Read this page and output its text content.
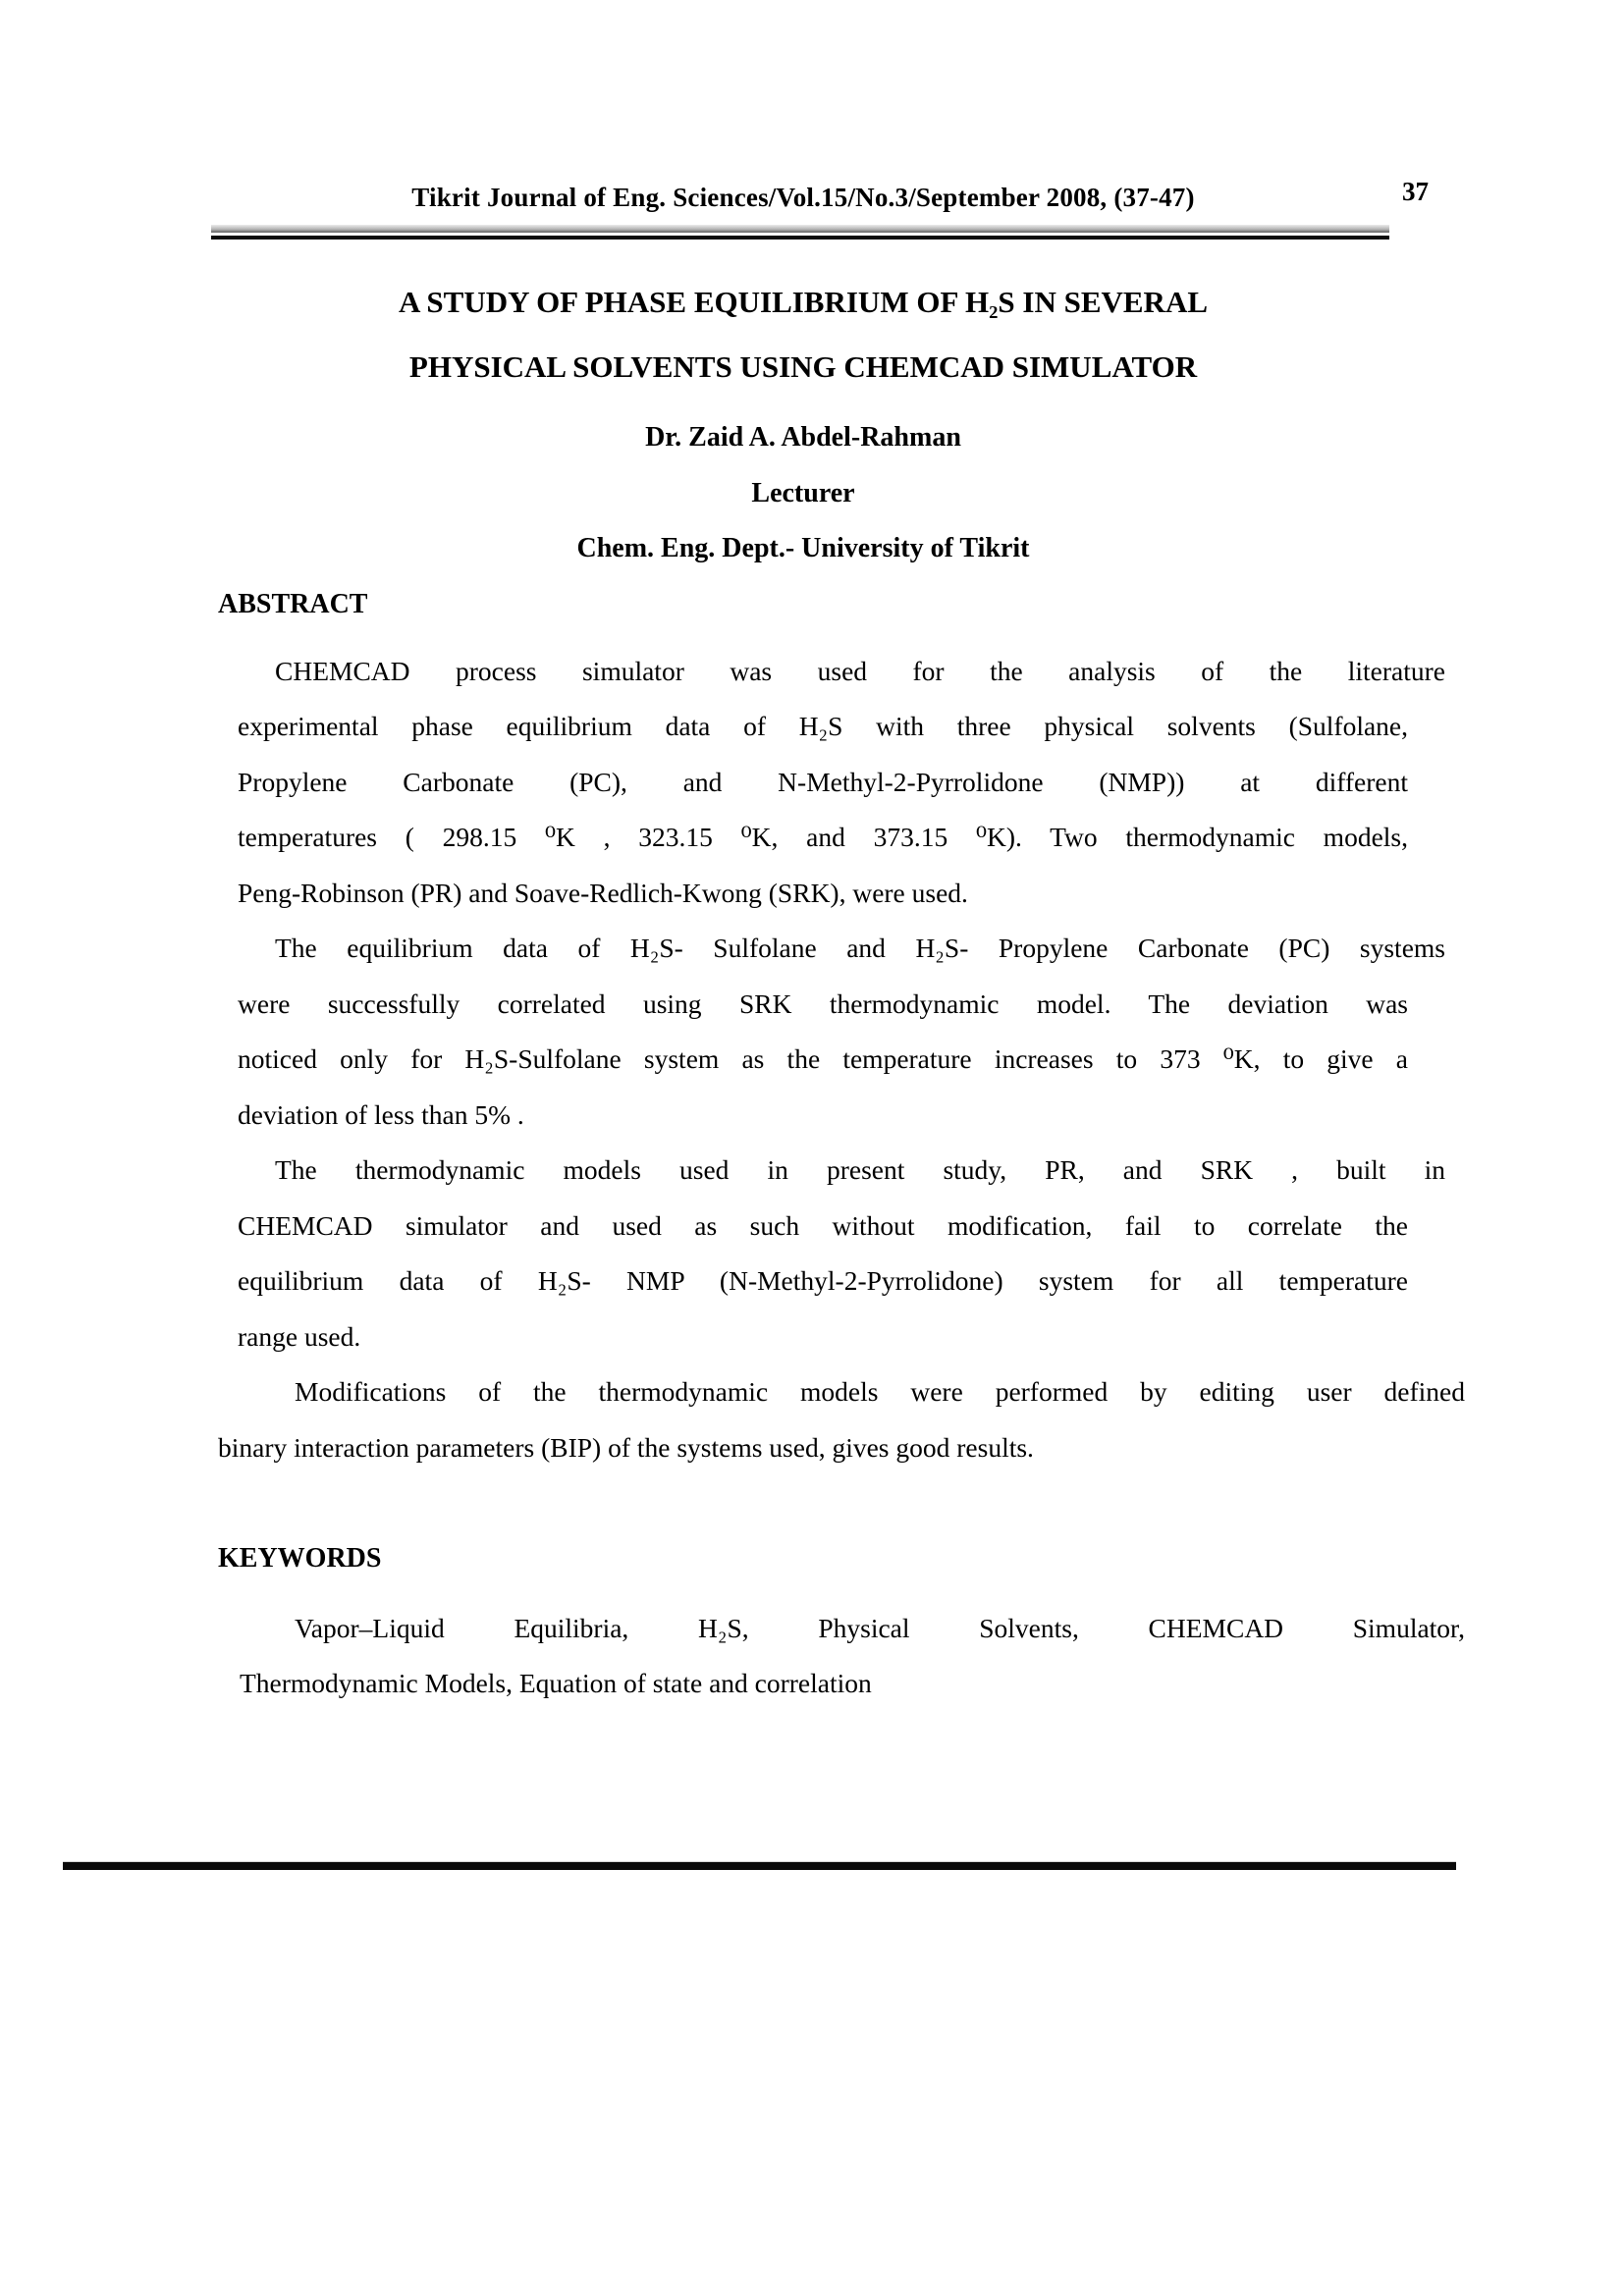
Tikrit Journal of Eng. Sciences/Vol.15/No.3/September 2008, (37-47)	37
A STUDY OF PHASE EQUILIBRIUM OF H₂S IN SEVERAL
PHYSICAL SOLVENTS USING CHEMCAD SIMULATOR
Dr. Zaid A. Abdel-Rahman
Lecturer
Chem. Eng. Dept.- University of Tikrit
ABSTRACT
CHEMCAD process simulator was used for the analysis of the literature
experimental phase equilibrium data of H₂S with three physical solvents (Sulfolane,
Propylene Carbonate (PC), and N-Methyl-2-Pyrrolidone (NMP)) at different
temperatures ( 298.15 ⁰K , 323.15 ⁰K, and 373.15 ⁰K). Two thermodynamic models,
Peng-Robinson (PR) and Soave-Redlich-Kwong (SRK), were used.
The equilibrium data of H₂S- Sulfolane and H₂S- Propylene Carbonate (PC) systems
were successfully correlated using SRK thermodynamic model. The deviation was
noticed only for H₂S-Sulfolane system as the temperature increases to 373 ⁰K, to give a
deviation of less than 5% .
The thermodynamic models used in present study, PR, and SRK , built in
CHEMCAD simulator and used as such without modification, fail to correlate the
equilibrium data of H₂S- NMP (N-Methyl-2-Pyrrolidone) system for all temperature
range used.
Modifications of the thermodynamic models were performed by editing user defined
binary interaction parameters (BIP) of the systems used, gives good results.
KEYWORDS
Vapor–Liquid Equilibria, H₂S, Physical Solvents, CHEMCAD Simulator,
Thermodynamic Models, Equation of state and correlation
